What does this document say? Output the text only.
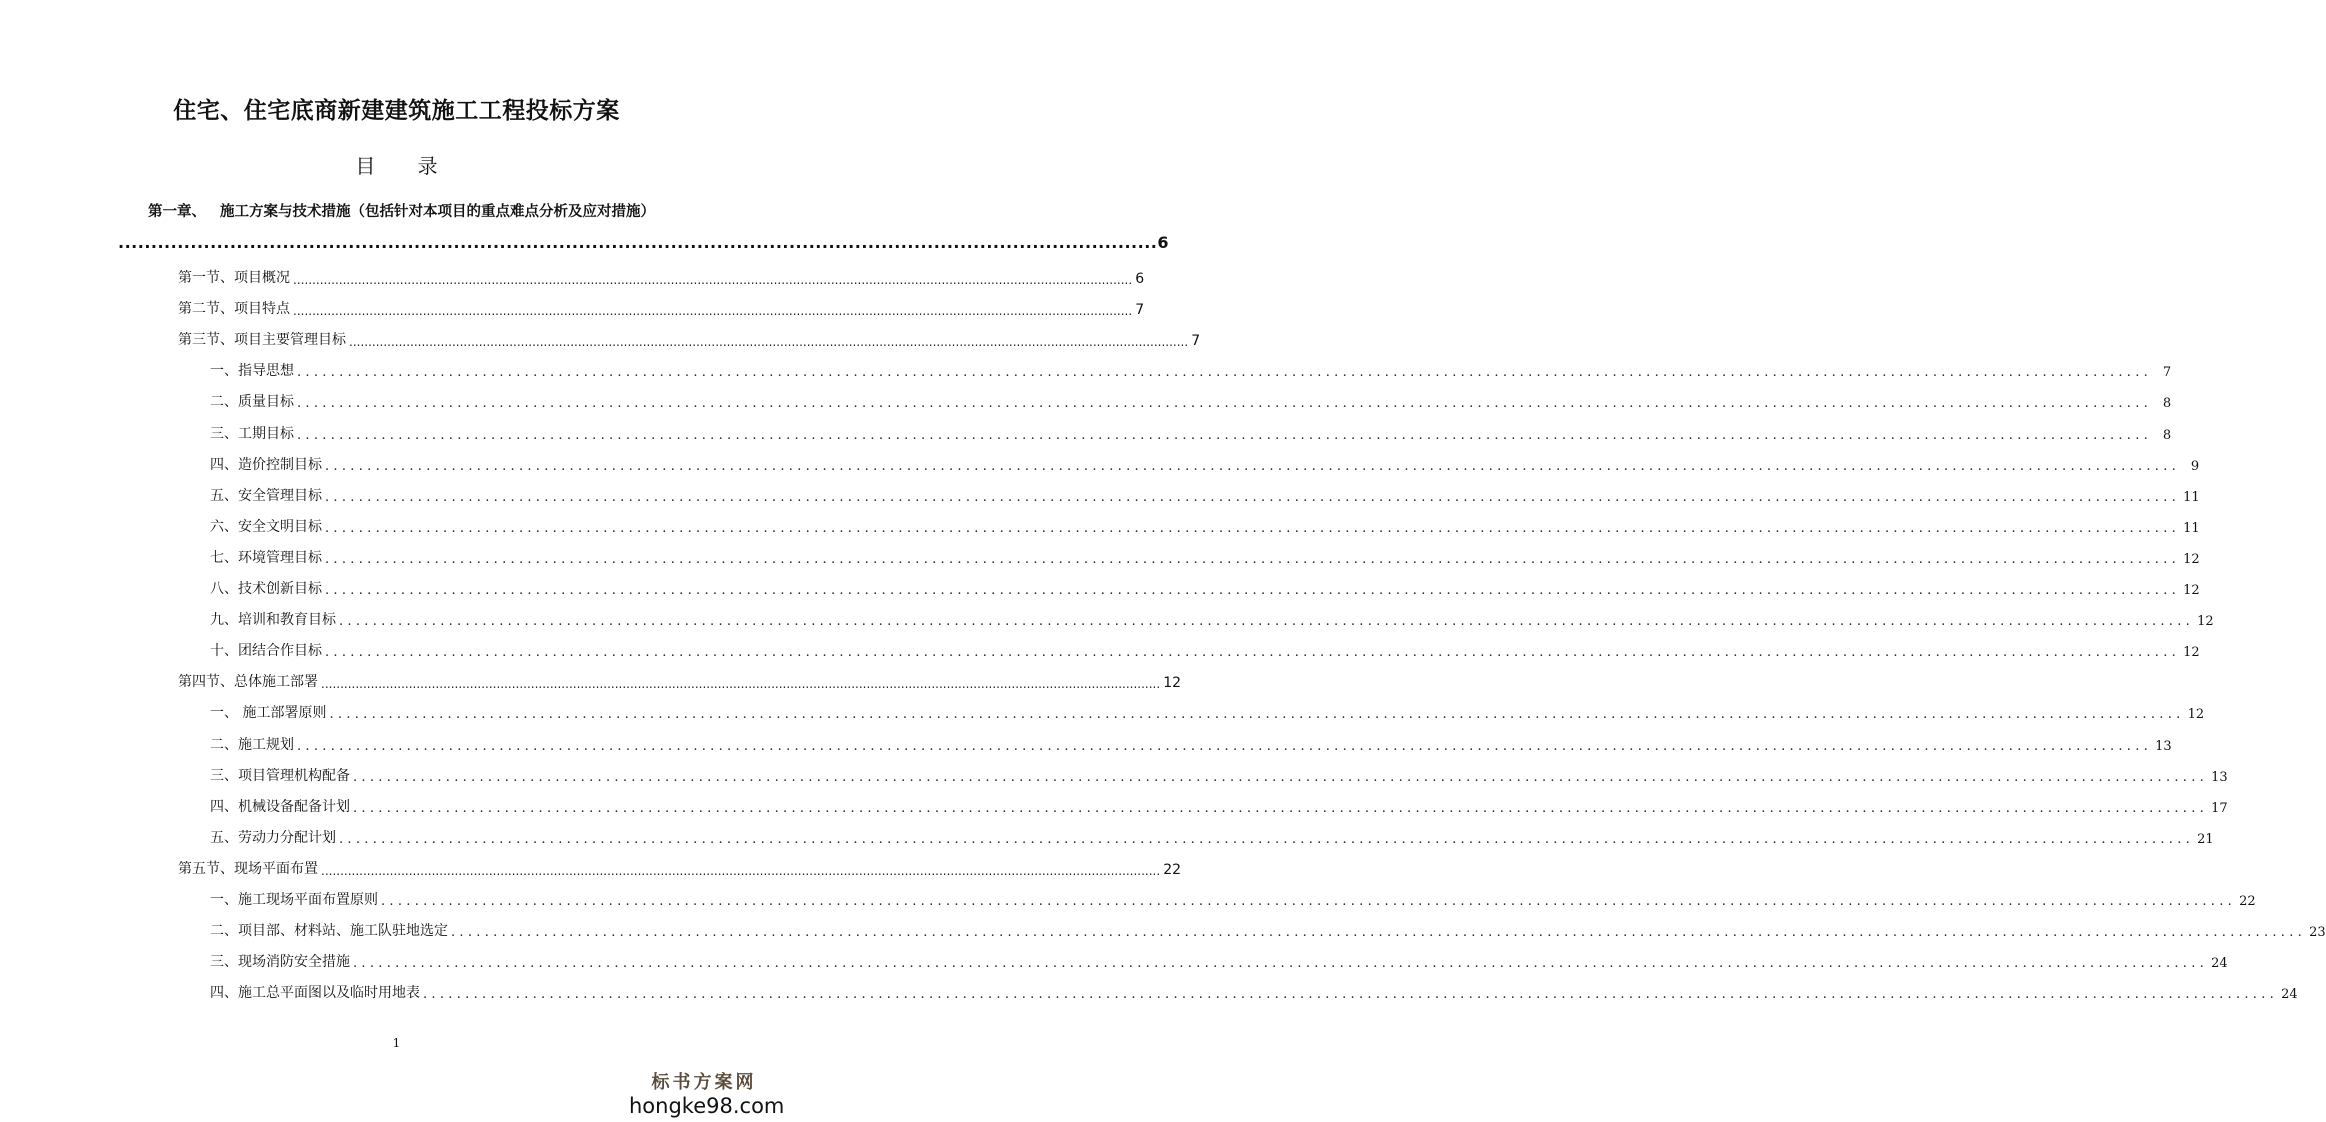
住宅、住宅底商新建建筑施工工程投标方案
目 录
第一章、 施工方案与技术措施（包括针对本项目的重点难点分析及应对措施）
.............................................................................................................................................................. 6
第一节、项目概况 ............................................................................................................................................................................................................................ 6
第二节、项目特点 ............................................................................................................................................................................................................................ 7
第三节、项目主要管理目标 ............................................................................................................................................................................................................................ 7
一、指导思想 ............................................................................................................................................................................................................................ 7
二、质量目标 ............................................................................................................................................................................................................................ 8
三、工期目标 ............................................................................................................................................................................................................................ 8
四、造价控制目标 ............................................................................................................................................................................................................................ 9
五、安全管理目标 ............................................................................................................................................................................................................................ 11
六、安全文明目标 ............................................................................................................................................................................................................................ 11
七、环境管理目标 ............................................................................................................................................................................................................................ 12
八、技术创新目标 ............................................................................................................................................................................................................................ 12
九、培训和教育目标 ............................................................................................................................................................................................................................ 12
十、团结合作目标 ............................................................................................................................................................................................................................ 12
第四节、总体施工部署 ............................................................................................................................................................................................................................ 12
一、 施工部署原则 ............................................................................................................................................................................................................................ 12
二、施工规划 ............................................................................................................................................................................................................................ 13
三、项目管理机构配备 ............................................................................................................................................................................................................................ 13
四、机械设备配备计划 ............................................................................................................................................................................................................................ 17
五、劳动力分配计划 ............................................................................................................................................................................................................................ 21
第五节、现场平面布置 ............................................................................................................................................................................................................................ 22
一、施工现场平面布置原则 ............................................................................................................................................................................................................................ 22
二、项目部、材料站、施工队驻地选定 ............................................................................................................................................................................................................................ 23
三、现场消防安全措施 ............................................................................................................................................................................................................................ 24
四、施工总平面图以及临时用地表 ............................................................................................................................................................................................................................ 24
1
标书方案网
hongke98.com
